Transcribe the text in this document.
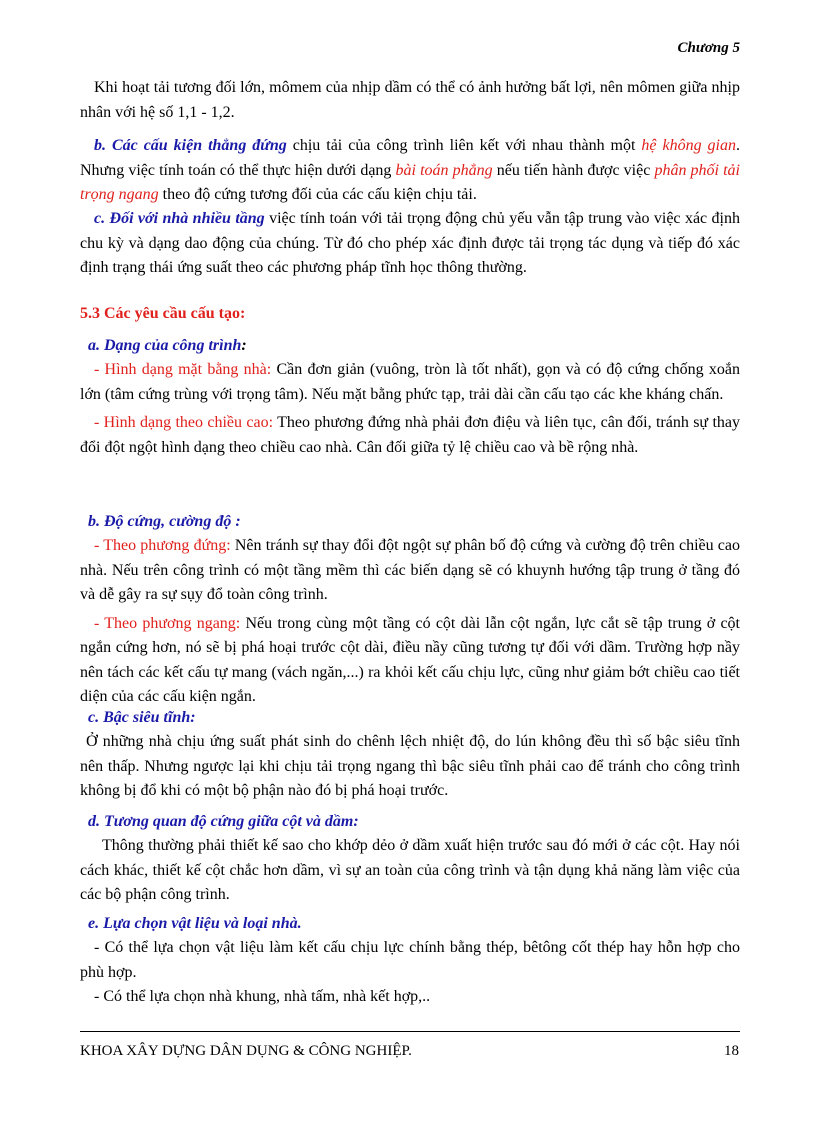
Chương 5

Khi hoạt tải tương đối lớn, mômem của nhịp dầm có thể có ảnh hưởng bất lợi, nên mômen giữa nhịp nhân với hệ số 1,1 - 1,2.

b. Các cấu kiện thẳng đứng chịu tải của công trình liên kết với nhau thành một hệ không gian. Nhưng việc tính toán có thể thực hiện dưới dạng bài toán phẳng nếu tiến hành được việc phân phối tải trọng ngang theo độ cứng tương đối của các cấu kiện chịu tải.

c. Đối với nhà nhiều tầng việc tính toán với tải trọng động chủ yếu vẫn tập trung vào việc xác định chu kỳ và dạng dao động của chúng. Từ đó cho phép xác định được tải trọng tác dụng và tiếp đó xác định trạng thái ứng suất theo các phương pháp tĩnh học thông thường.

5.3 Các yêu cầu cấu tạo:

a. Dạng của công trình:

- Hình dạng mặt bằng nhà: Cần đơn giản (vuông, tròn là tốt nhất), gọn và có độ cứng chống xoắn lớn (tâm cứng trùng với trọng tâm). Nếu mặt bằng phức tạp, trải dài cần cấu tạo các khe kháng chấn.

- Hình dạng theo chiều cao: Theo phương đứng nhà phải đơn điệu và liên tục, cân đối, tránh sự thay đổi đột ngột hình dạng theo chiều cao nhà. Cân đối giữa tỷ lệ chiều cao và bề rộng nhà.

b. Độ cứng, cường độ :

- Theo phương đứng: Nên tránh sự thay đổi đột ngột sự phân bố độ cứng và cường độ trên chiều cao nhà. Nếu trên công trình có một tầng mềm thì các biến dạng sẽ có khuynh hướng tập trung ở tầng đó và dễ gây ra sự sụy đổ toàn công trình.

- Theo phương ngang: Nếu trong cùng một tầng có cột dài lẫn cột ngắn, lực cắt sẽ tập trung ở cột ngắn cứng hơn, nó sẽ bị phá hoại trước cột dài, điều nầy cũng tương tự đối với dầm. Trường hợp nầy nên tách các kết cấu tự mang (vách ngăn,...) ra khỏi kết cấu chịu lực, cũng như giảm bớt chiều cao tiết diện của các cấu kiện ngắn.

c. Bậc siêu tĩnh:

Ở những nhà chịu ứng suất phát sinh do chênh lệch nhiệt độ, do lún không đều thì số bậc siêu tĩnh nên thấp. Nhưng ngược lại khi chịu tải trọng ngang thì bậc siêu tĩnh phải cao để tránh cho công trình không bị đổ khi có một bộ phận nào đó bị phá hoại trước.

d. Tương quan độ cứng giữa cột và dầm:

Thông thường phải thiết kế sao cho khớp dẻo ở dầm xuất hiện trước sau đó mới ở các cột. Hay nói cách khác, thiết kế cột chắc hơn dầm, vì sự an toàn của công trình và tận dụng khả năng làm việc của các bộ phận công trình.

e. Lựa chọn vật liệu và loại nhà.

- Có thể lựa chọn vật liệu làm kết cấu chịu lực chính bằng thép, bêtông cốt thép hay hỗn hợp cho phù hợp.

- Có thể lựa chọn nhà khung, nhà tấm, nhà kết hợp,..

KHOA XÂY DỰNG DÂN DỤNG & CÔNG NGHIỆP.	18
